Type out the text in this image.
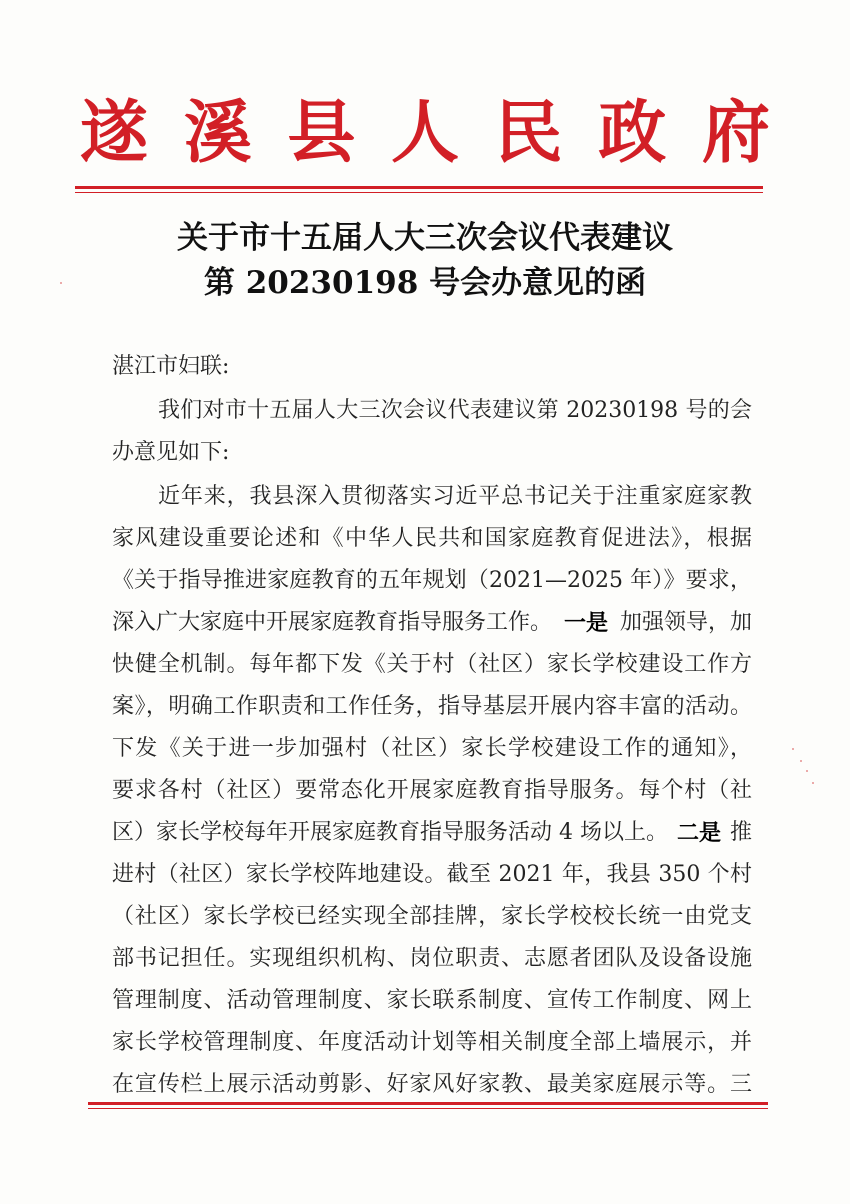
遂 溪 县 人 民 政 府
关于市十五届人大三次会议代表建议
第 20230198 号会办意见的函
湛江市妇联:
我们对市十五届人大三次会议代表建议第 20230198 号的会
办意见如下:
近年来，我县深入贯彻落实习近平总书记关于注重家庭家教
家风建设重要论述和《中华人民共和国家庭教育促进法》，根据
《关于指导推进家庭教育的五年规划（2021—2025 年）》要求，
深入广大家庭中开展家庭教育指导服务工作。 一是 加强领导，加
快健全机制。每年都下发《关于村（社区）家长学校建设工作方
案》，明确工作职责和工作任务，指导基层开展内容丰富的活动。
下发《关于进一步加强村（社区）家长学校建设工作的通知》，
要求各村（社区）要常态化开展家庭教育指导服务。每个村（社
区）家长学校每年开展家庭教育指导服务活动 4 场以上。 二是 推
进村（社区）家长学校阵地建设。截至 2021 年，我县 350 个村
（社区）家长学校已经实现全部挂牌，家长学校校长统一由党支
部书记担任。实现组织机构、岗位职责、志愿者团队及设备设施
管理制度、活动管理制度、家长联系制度、宣传工作制度、网上
家长学校管理制度、年度活动计划等相关制度全部上墙展示，并
在宣传栏上展示活动剪影、好家风好家教、最美家庭展示等。三
